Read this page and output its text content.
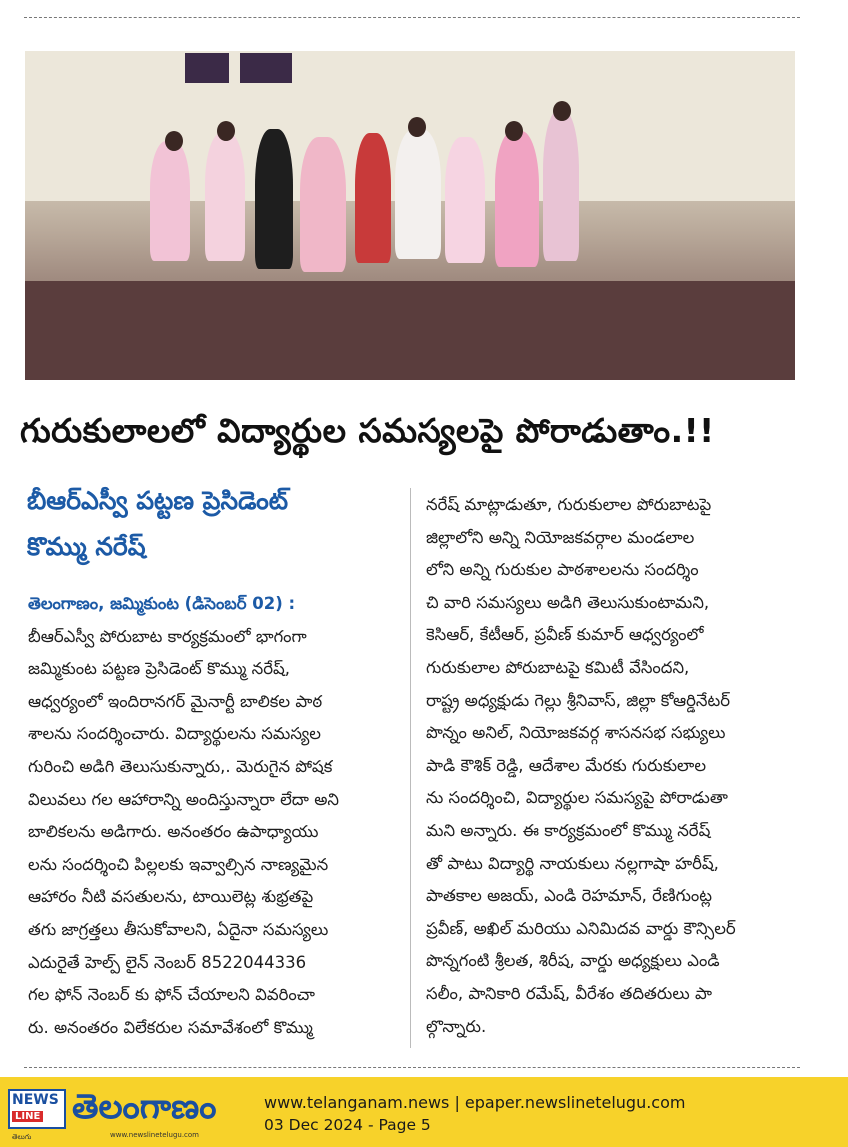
గురుకులాలలో విద్యార్థుల సమస్యలపై పోరాడుతాం.!!
బీఆర్ఎస్వీ పట్టణ ప్రెసిడెంట్
కొమ్ము నరేష్
తెలంగాణం, జమ్మికుంట (డిసెంబర్ 02) :
బీఆర్ఎస్వీ పోరుబాట కార్యక్రమంలో భాగంగా
జమ్మికుంట పట్టణ ప్రెసిడెంట్ కొమ్ము నరేష్,
ఆధ్వర్యంలో ఇందిరానగర్ మైనార్టీ బాలికల పాఠ
శాలను సందర్శించారు. విద్యార్థులను సమస్యల
గురించి అడిగి తెలుసుకున్నారు,. మెరుగైన పోషక
విలువలు గల ఆహారాన్ని అందిస్తున్నారా లేదా అని
బాలికలను అడిగారు. అనంతరం ఉపాధ్యాయు
లను సందర్శించి పిల్లలకు ఇవ్వాల్సిన నాణ్యమైన
ఆహారం నీటి వసతులను, టాయిలెట్ల శుభ్రతపై
తగు జాగ్రత్తలు తీసుకోవాలని, ఏదైనా సమస్యలు
ఎదురైతే హెల్ప్ లైన్ నెంబర్ 8522044336
గల ఫోన్ నెంబర్ కు ఫోన్ చేయాలని వివరించా
రు. అనంతరం విలేకరుల సమావేశంలో కొమ్ము
నరేష్ మాట్లాడుతూ, గురుకులాల పోరుబాటపై
జిల్లాలోని అన్ని నియోజకవర్గాల మండలాల
లోని అన్ని గురుకుల పాఠశాలలను సందర్శిం
చి వారి సమస్యలు అడిగి తెలుసుకుంటామని,
కెసిఆర్, కేటీఆర్, ప్రవీణ్ కుమార్ ఆధ్వర్యంలో
గురుకులాల పోరుబాటపై కమిటీ వేసిందని,
రాష్ట్ర అధ్యక్షుడు గెల్లు శ్రీనివాస్, జిల్లా కోఆర్డినేటర్
పొన్నం అనిల్, నియోజకవర్గ శాసనసభ సభ్యులు
పాడి కౌశిక్ రెడ్డి, ఆదేశాల మేరకు గురుకులాల
ను సందర్శించి, విద్యార్థుల సమస్యపై పోరాడుతా
మని అన్నారు. ఈ కార్యక్రమంలో కొమ్ము నరేష్
తో పాటు విద్యార్థి నాయకులు నల్లగాషా హరీష్,
పాతకాల అజయ్, ఎండి రెహమాన్, రేణిగుంట్ల
ప్రవీణ్, అఖిల్ మరియు ఎనిమిదవ వార్డు కౌన్సిలర్
పొన్నగంటి శ్రీలత, శిరీష, వార్డు అధ్యక్షులు ఎండి
సలీం, పానికారి రమేష్, వీరేశం తదితరులు పా
ల్గొన్నారు.
NEWS
LINE
తెలుగు
తెలంగాణం
www.newslinetelugu.com
www.telanganam.news | epaper.newslinetelugu.com
03 Dec 2024 - Page 5
